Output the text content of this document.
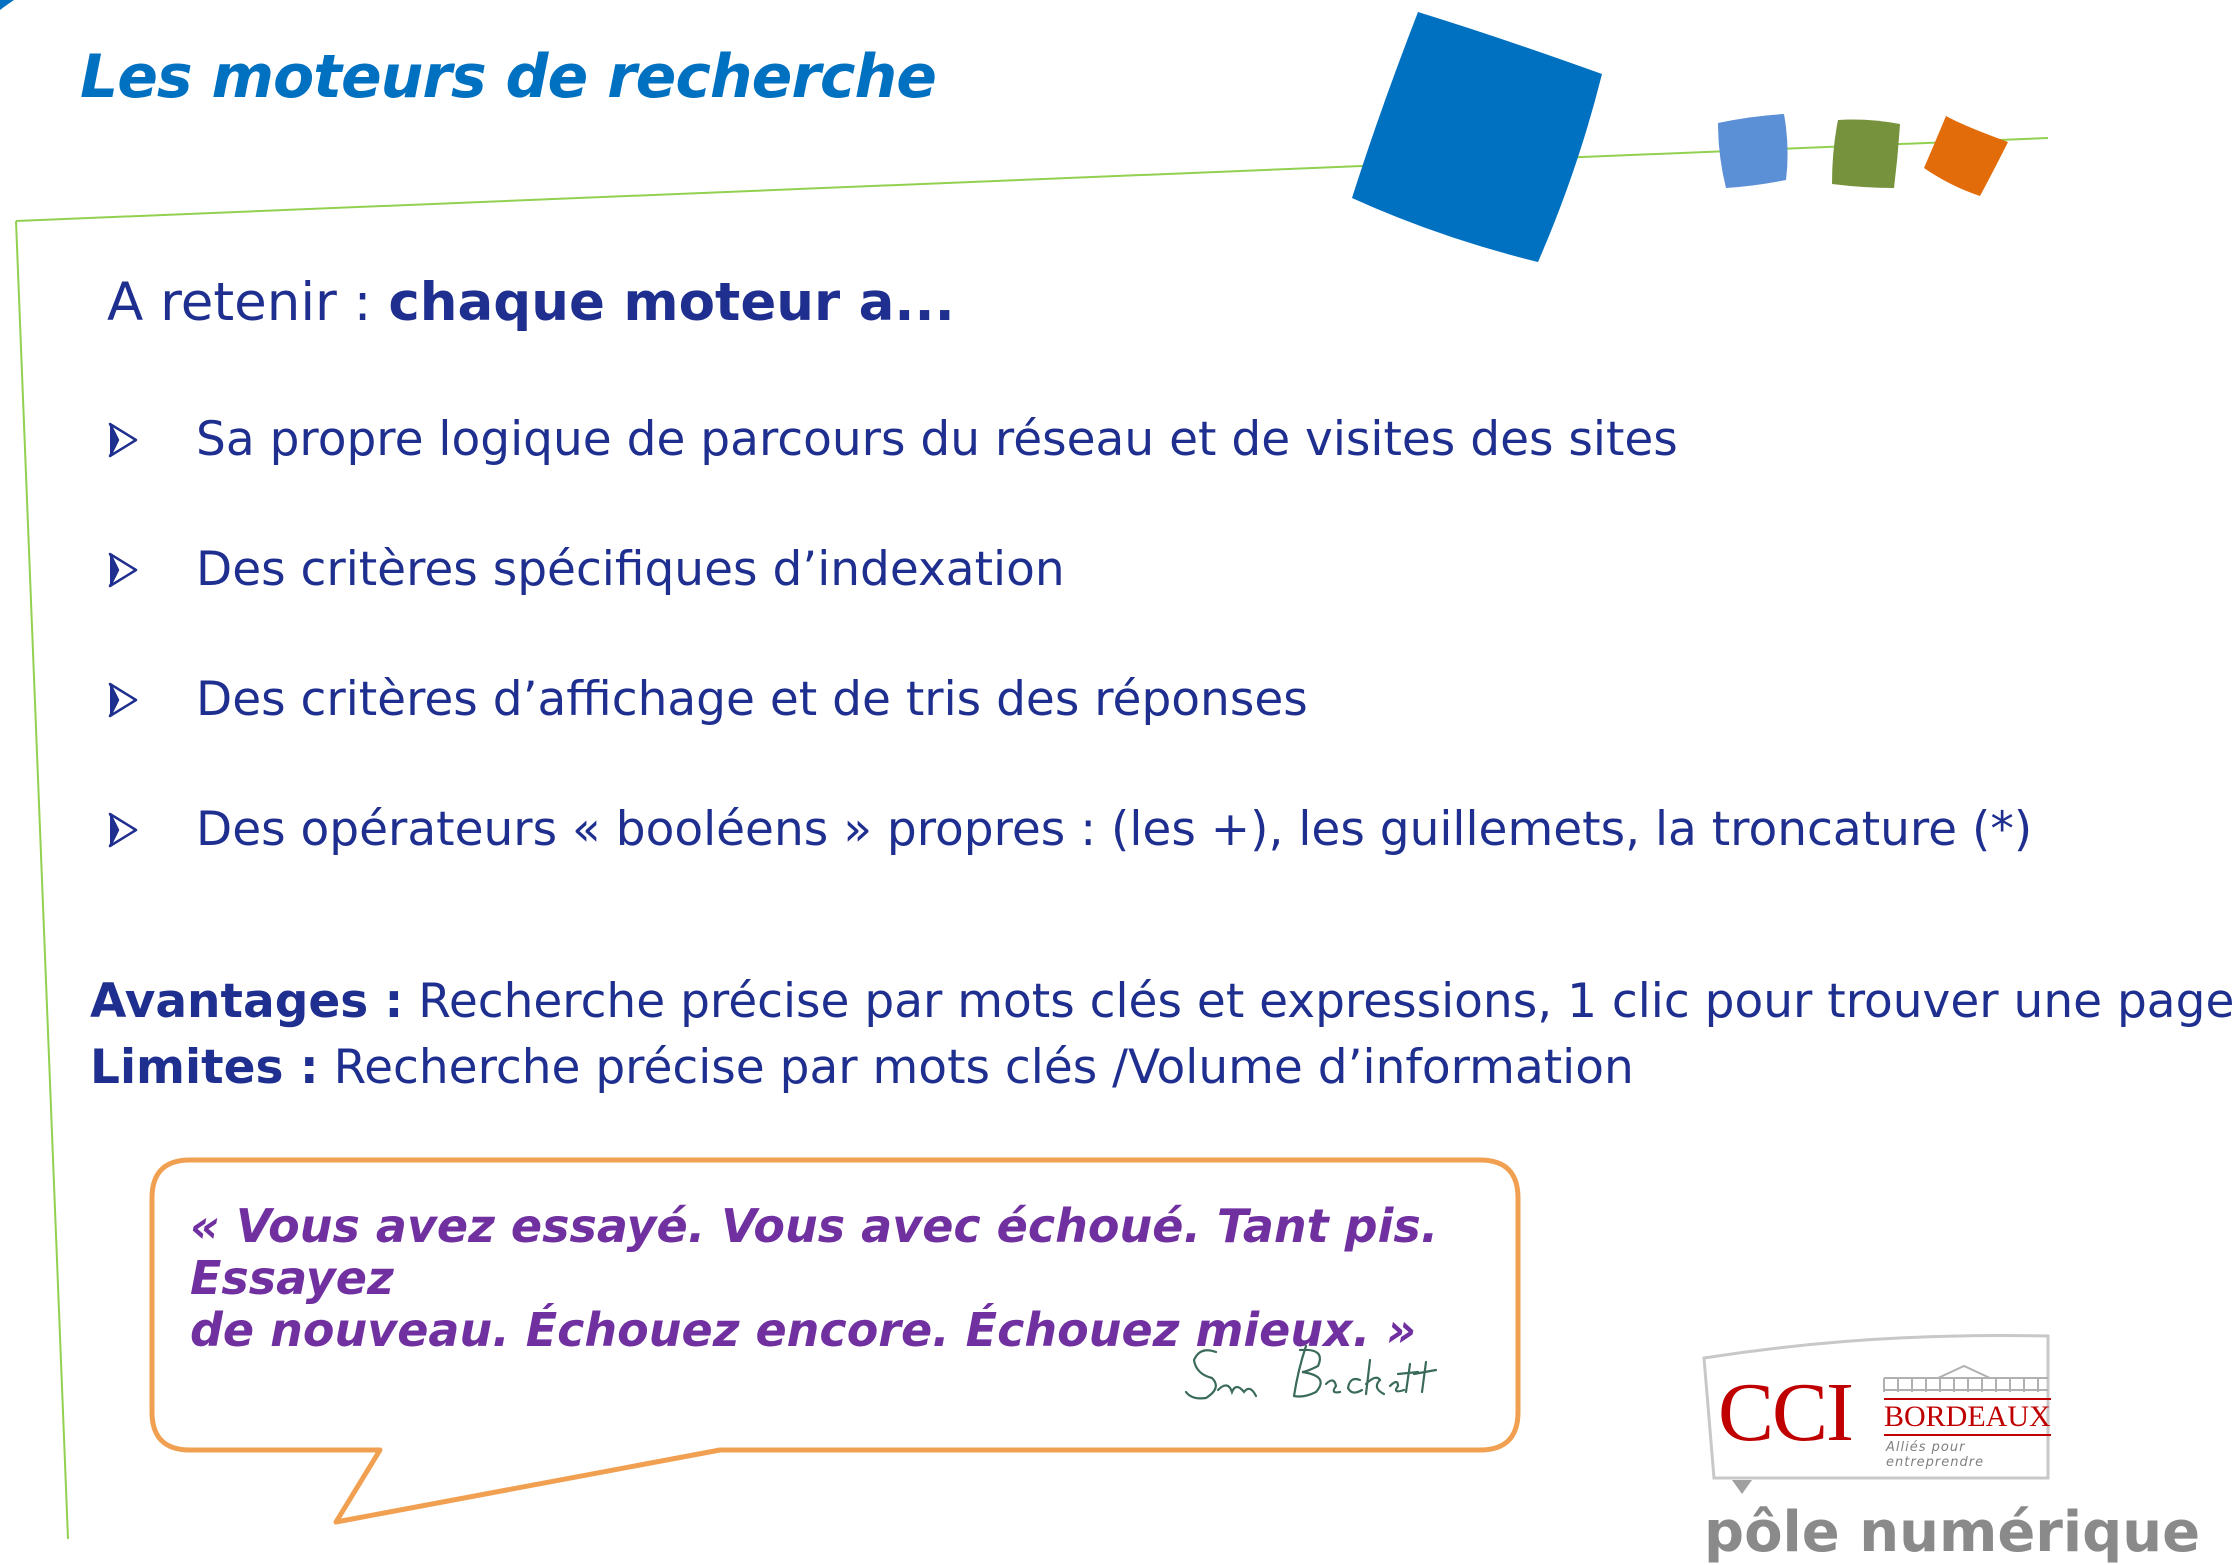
Les moteurs de recherche
A retenir : chaque moteur a...
Sa propre logique de parcours du réseau et de visites des sites
Des critères spécifiques d’indexation
Des critères d’affichage et de tris des réponses
Des opérateurs « booléens » propres : (les +), les guillemets, la troncature (*)
Avantages : Recherche précise par mots clés et expressions, 1 clic pour trouver une page
Limites : Recherche précise par mots clés /Volume d’information
« Vous avez essayé. Vous avec échoué. Tant pis. Essayez
de nouveau. Échouez encore. Échouez mieux. »
CCI BORDEAUX
Alliés pour entreprendre
pôle numérique
